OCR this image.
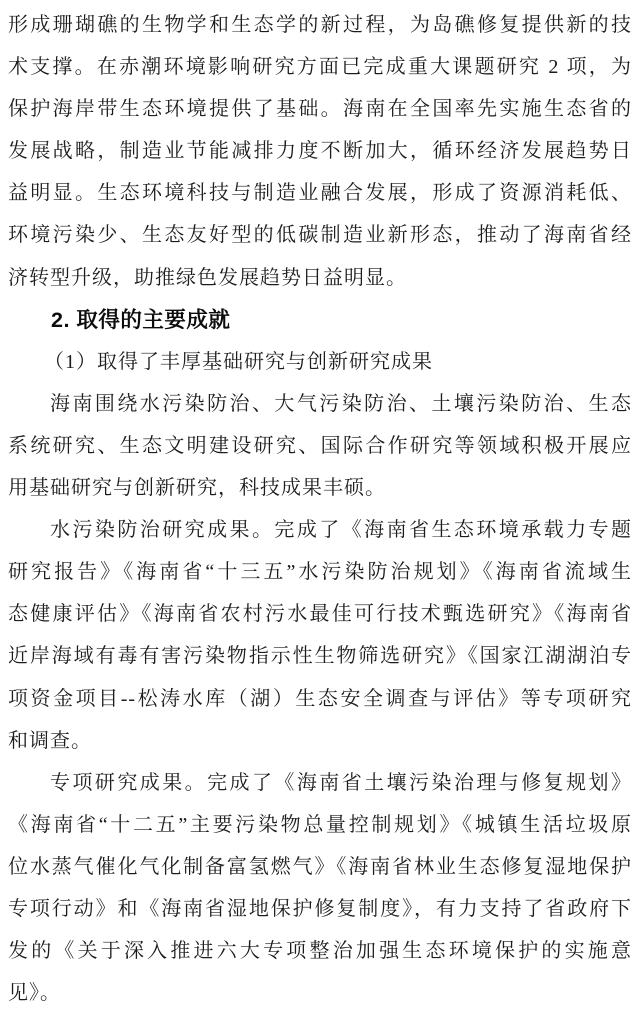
形成珊瑚礁的生物学和生态学的新过程，为岛礁修复提供新的技
术支撑。在赤潮环境影响研究方面已完成重大课题研究 2 项，为
保护海岸带生态环境提供了基础。海南在全国率先实施生态省的
发展战略，制造业节能减排力度不断加大，循环经济发展趋势日
益明显。生态环境科技与制造业融合发展，形成了资源消耗低、
环境污染少、生态友好型的低碳制造业新形态，推动了海南省经
济转型升级，助推绿色发展趋势日益明显。
2. 取得的主要成就
（1）取得了丰厚基础研究与创新研究成果
海南围绕水污染防治、大气污染防治、土壤污染防治、生态
系统研究、生态文明建设研究、国际合作研究等领域积极开展应
用基础研究与创新研究，科技成果丰硕。
水污染防治研究成果。完成了《海南省生态环境承载力专题
研究报告》《海南省“十三五”水污染防治规划》《海南省流域生
态健康评估》《海南省农村污水最佳可行技术甄选研究》《海南省
近岸海域有毒有害污染物指示性生物筛选研究》《国家江湖湖泊专
项资金项目--松涛水库（湖）生态安全调查与评估》等专项研究
和调查。
专项研究成果。完成了《海南省土壤污染治理与修复规划》
《海南省“十二五”主要污染物总量控制规划》《城镇生活垃圾原
位水蒸气催化气化制备富氢燃气》《海南省林业生态修复湿地保护
专项行动》和《海南省湿地保护修复制度》，有力支持了省政府下
发的《关于深入推进六大专项整治加强生态环境保护的实施意
见》。
